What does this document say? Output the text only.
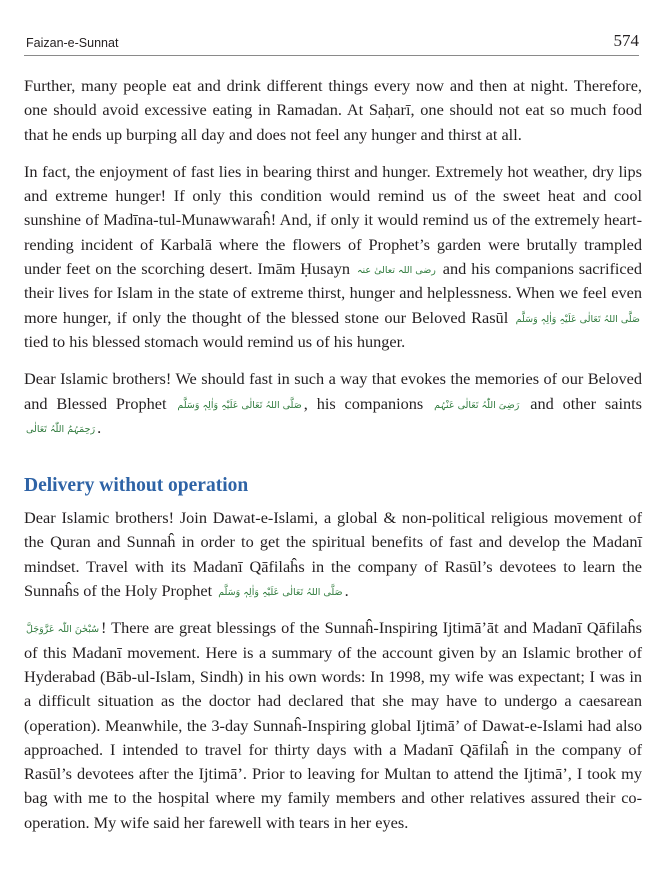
Faizan-e-Sunnat	574

Further, many people eat and drink different things every now and then at night. Therefore, one should avoid excessive eating in Ramadan. At Saḥarī, one should not eat so much food that he ends up burping all day and does not feel any hunger and thirst at all.

In fact, the enjoyment of fast lies in bearing thirst and hunger. Extremely hot weather, dry lips and extreme hunger! If only this condition would remind us of the sweet heat and cool sunshine of Madīna-tul-Munawwaraĥ! And, if only it would remind us of the extremely heart-rending incident of Karbalā where the flowers of Prophet’s garden were brutally trampled under feet on the scorching desert. Imām Ḥusayn رضی اللہ تعالیٰ عنہ and his companions sacrificed their lives for Islam in the state of extreme thirst, hunger and helplessness. When we feel even more hunger, if only the thought of the blessed stone our Beloved Rasūl صَلَّی اللہُ تَعَالٰی عَلَیْہِ وَاٰلِہٖ وَسَلَّم tied to his blessed stomach would remind us of his hunger.

Dear Islamic brothers! We should fast in such a way that evokes the memories of our Beloved and Blessed Prophet صَلَّی اللہُ تَعَالٰی عَلَیْہِ وَاٰلِہٖ وَسَلَّم , his companions رَضِیَ اللّٰہُ تَعَالٰی عَنْہُم and other saints رَحِمَہُمُ اللّٰہُ تَعَالٰی .

Delivery without operation

Dear Islamic brothers! Join Dawat-e-Islami, a global & non-political religious movement of the Quran and Sunnaĥ in order to get the spiritual benefits of fast and develop the Madanī mindset. Travel with its Madanī Qāfilaĥs in the company of Rasūl’s devotees to learn the Sunnaĥs of the Holy Prophet صَلَّی اللہُ تَعَالٰی عَلَیْہِ وَاٰلِہٖ وَسَلَّم .

سُبْحٰنَ اللّٰہ عَزَّوَجَلَّ ! There are great blessings of the Sunnaĥ-Inspiring Ijtimā’āt and Madanī Qāfilaĥs of this Madanī movement. Here is a summary of the account given by an Islamic brother of Hyderabad (Bāb-ul-Islam, Sindh) in his own words: In 1998, my wife was expectant; I was in a difficult situation as the doctor had declared that she may have to undergo a caesarean (operation). Meanwhile, the 3-day Sunnaĥ-Inspiring global Ijtimā’ of Dawat-e-Islami had also approached. I intended to travel for thirty days with a Madanī Qāfilaĥ in the company of Rasūl’s devotees after the Ijtimā’. Prior to leaving for Multan to attend the Ijtimā’, I took my bag with me to the hospital where my family members and other relatives assured their co-operation. My wife said her farewell with tears in her eyes.
